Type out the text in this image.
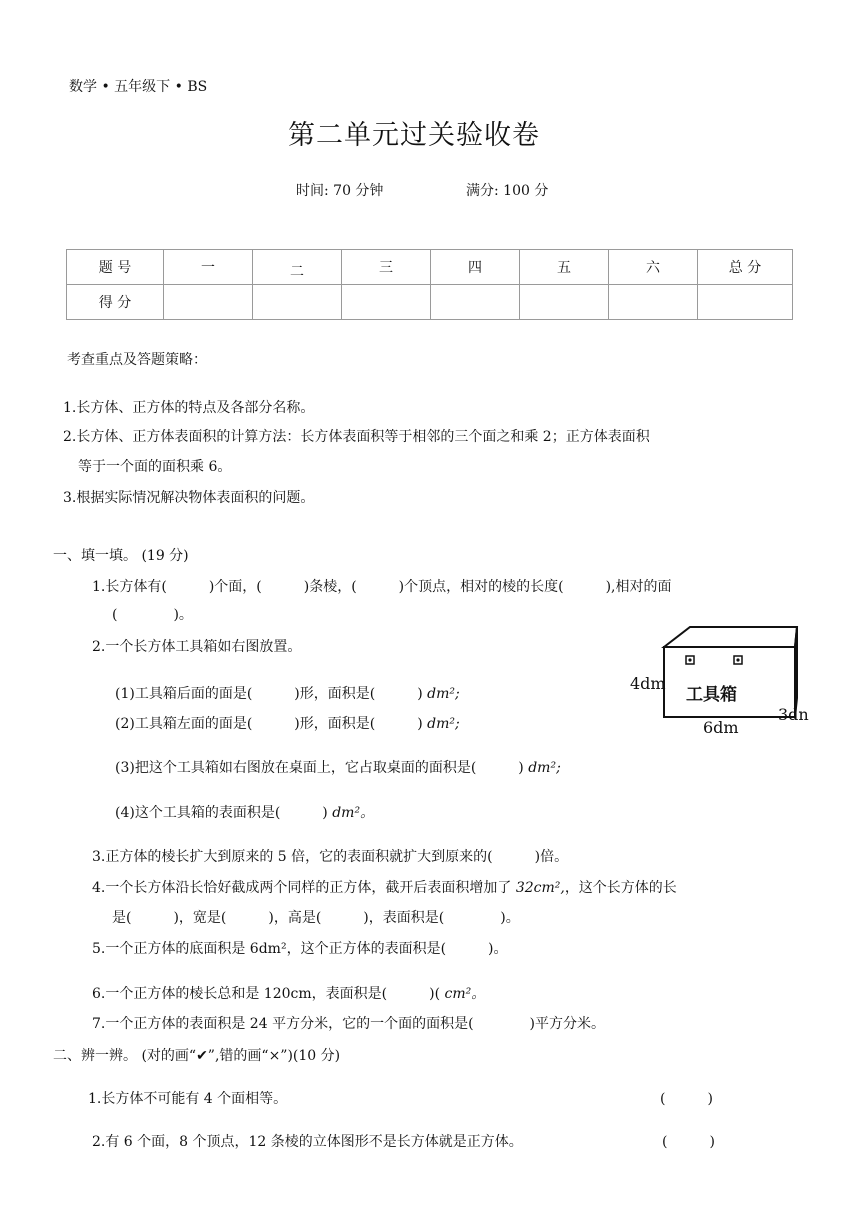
数学 • 五年级下 • BS
第二单元过关验收卷
时间: 70 分钟	满分: 100 分
题 号	一	二	三	四	五	六	总 分
得 分							
考查重点及答题策略：
1.长方体、正方体的特点及各部分名称。
2.长方体、正方体表面积的计算方法：长方体表面积等于相邻的三个面之和乘 2；正方体表面积
等于一个面的面积乘 6。
3.根据实际情况解决物体表面积的问题。
一、填一填。 (19 分)
1.长方体有(　　　)个面，(　　　)条棱，(　　　)个顶点，相对的棱的长度(　　　),相对的面
(　　　　)。
2.一个长方体工具箱如右图放置。
(1)工具箱后面的面是(　　　)形，面积是(　　　) dm²;
(2)工具箱左面的面是(　　　)形，面积是(　　　) dm²;
(3)把这个工具箱如右图放在桌面上，它占取桌面的面积是(　　　) dm²;
(4)这个工具箱的表面积是(　　　) dm²。
工具箱
4dm
6dm
3dn
3.正方体的棱长扩大到原来的 5 倍，它的表面积就扩大到原来的(　　　)倍。
4.一个长方体沿长恰好截成两个同样的正方体，截开后表面积增加了 32cm²,，这个长方体的长
是(　　　)，宽是(　　　)，高是(　　　)，表面积是(　　　　)。
5.一个正方体的底面积是 6dm²，这个正方体的表面积是(　　　)。
6.一个正方体的棱长总和是 120cm，表面积是(　　　)( cm²。
7.一个正方体的表面积是 24 平方分米，它的一个面的面积是(　　　　)平方分米。
二、辨一辨。 (对的画“✔”,错的画“×”)(10 分)
1.长方体不可能有 4 个面相等。	(　　　)
2.有 6 个面，8 个顶点，12 条棱的立体图形不是长方体就是正方体。	(　　　)
